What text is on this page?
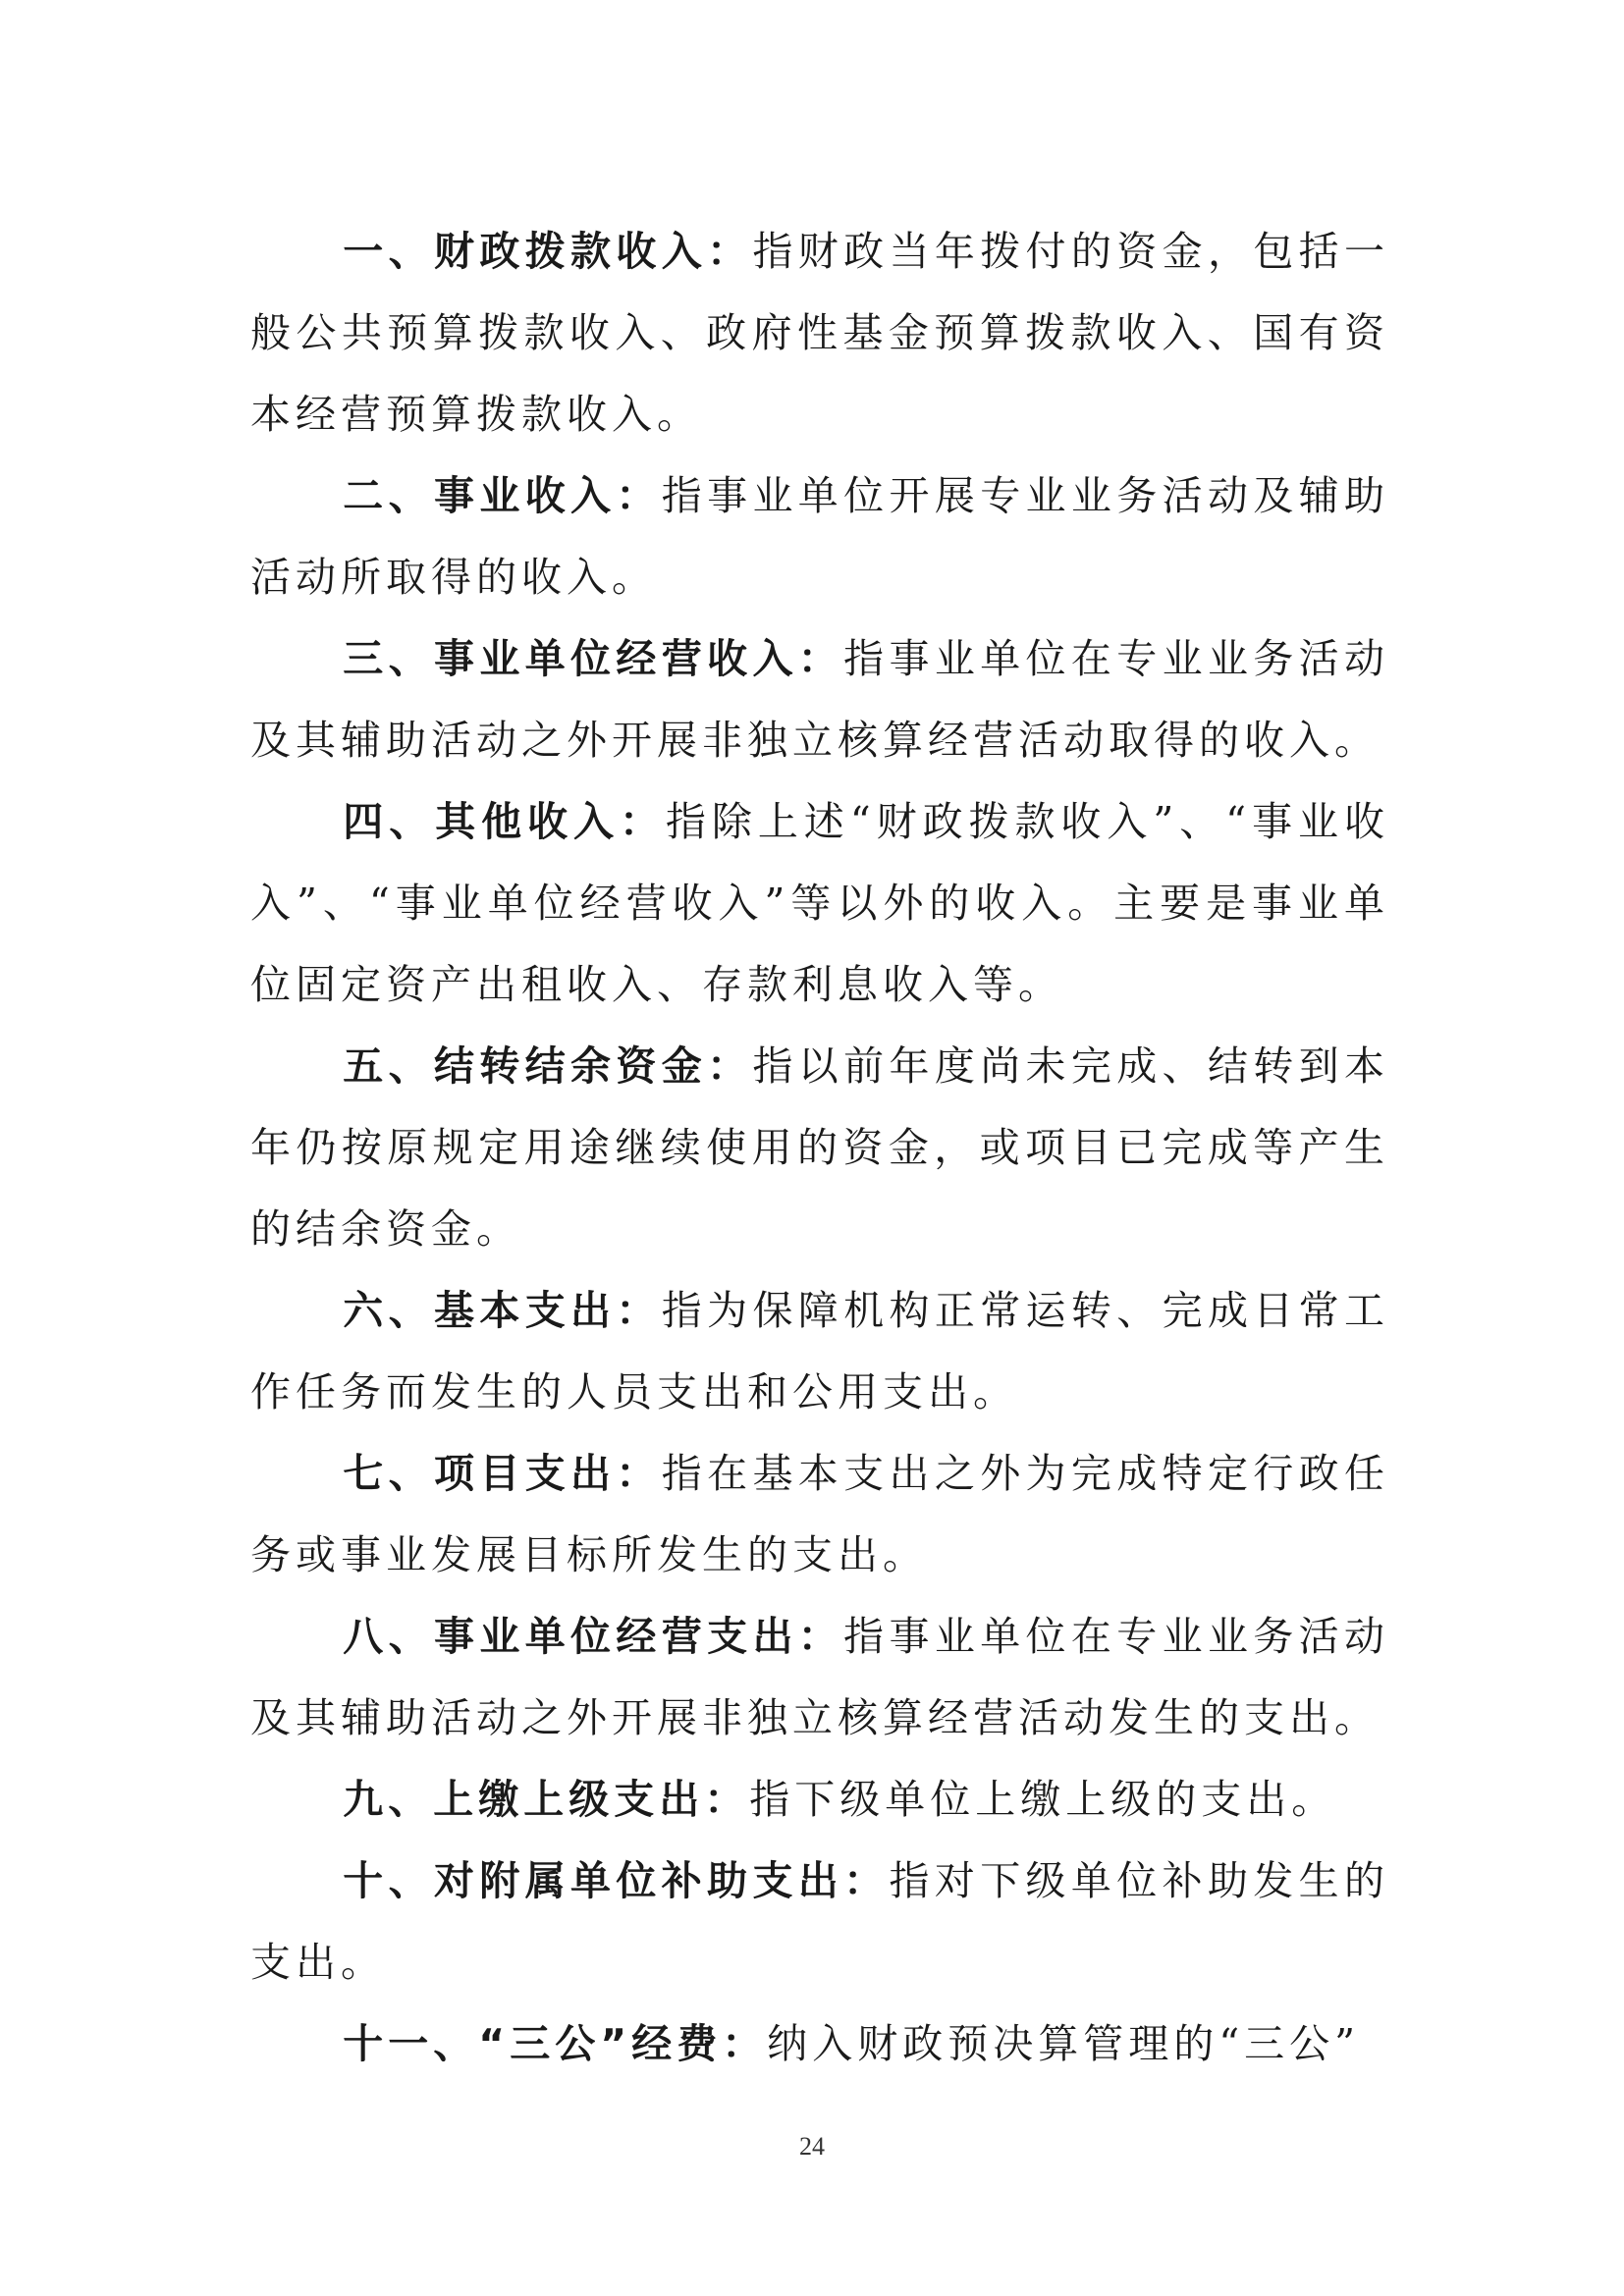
一、财政拨款收入：指财政当年拨付的资金，包括一般公共预算拨款收入、政府性基金预算拨款收入、国有资本经营预算拨款收入。

二、事业收入：指事业单位开展专业业务活动及辅助活动所取得的收入。

三、事业单位经营收入：指事业单位在专业业务活动及其辅助活动之外开展非独立核算经营活动取得的收入。

四、其他收入：指除上述“财政拨款收入”、“事业收入”、“事业单位经营收入”等以外的收入。主要是事业单位固定资产出租收入、存款利息收入等。

五、结转结余资金：指以前年度尚未完成、结转到本年仍按原规定用途继续使用的资金，或项目已完成等产生的结余资金。

六、基本支出：指为保障机构正常运转、完成日常工作任务而发生的人员支出和公用支出。

七、项目支出：指在基本支出之外为完成特定行政任务或事业发展目标所发生的支出。

八、事业单位经营支出：指事业单位在专业业务活动及其辅助活动之外开展非独立核算经营活动发生的支出。

九、上缴上级支出：指下级单位上缴上级的支出。

十、对附属单位补助支出：指对下级单位补助发生的支出。

十一、“三公”经费：纳入财政预决算管理的“三公”

24
